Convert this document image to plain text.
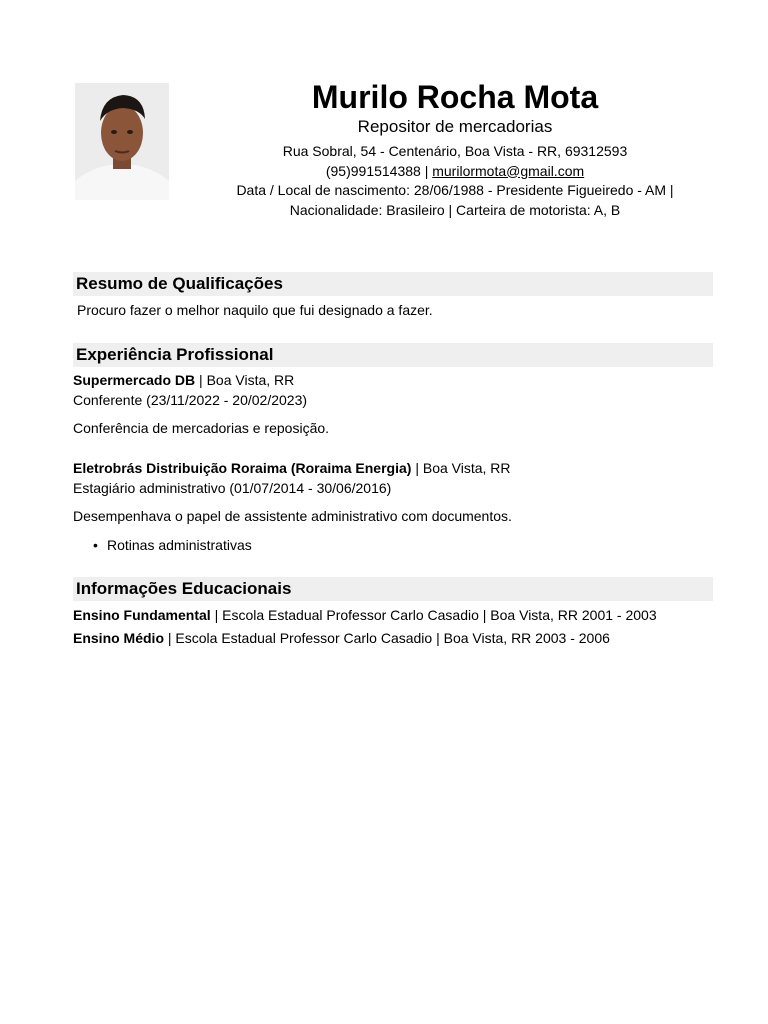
Murilo Rocha Mota
Repositor de mercadorias
Rua Sobral, 54 - Centenário, Boa Vista - RR, 69312593
(95)991514388 | murilormota@gmail.com
Data / Local de nascimento: 28/06/1988 - Presidente Figueiredo - AM |
Nacionalidade: Brasileiro | Carteira de motorista: A, B
Resumo de Qualificações
Procuro fazer o melhor naquilo que fui designado a fazer.
Experiência Profissional
Supermercado DB | Boa Vista, RR
Conferente (23/11/2022 - 20/02/2023)
Conferência de mercadorias e reposição.
Eletrobrás Distribuição Roraima (Roraima Energia) | Boa Vista, RR
Estagiário administrativo (01/07/2014 - 30/06/2016)
Desempenhava o papel de assistente administrativo com documentos.
• Rotinas administrativas
Informações Educacionais
Ensino Fundamental | Escola Estadual Professor Carlo Casadio | Boa Vista, RR 2001 - 2003
Ensino Médio | Escola Estadual Professor Carlo Casadio | Boa Vista, RR 2003 - 2006
